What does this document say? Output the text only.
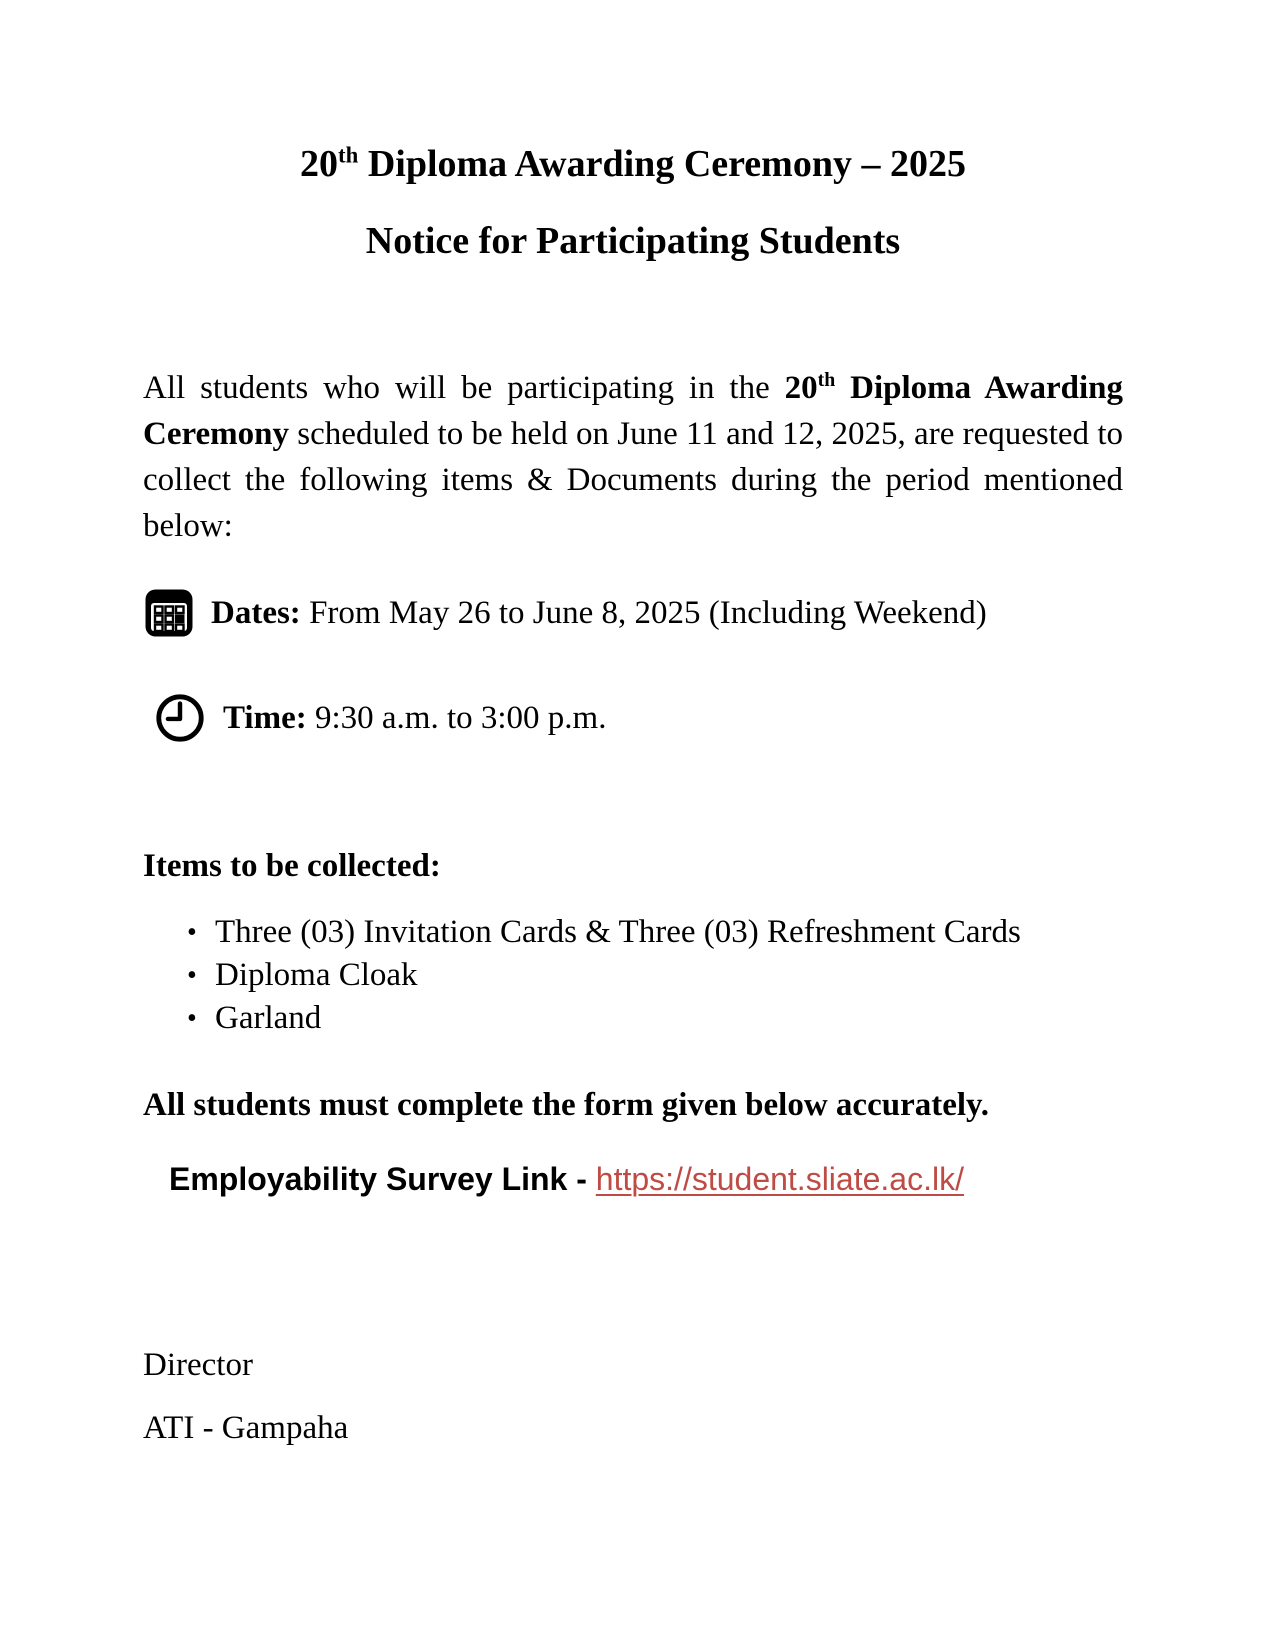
20th Diploma Awarding Ceremony – 2025
Notice for Participating Students

All students who will be participating in the 20th Diploma Awarding Ceremony scheduled to be held on June 11 and 12, 2025, are requested to collect the following items & Documents during the period mentioned below:

Dates: From May 26 to June 8, 2025 (Including Weekend)
Time: 9:30 a.m. to 3:00 p.m.
Items to be collected:
• Three (03) Invitation Cards & Three (03) Refreshment Cards
• Diploma Cloak
• Garland
All students must complete the form given below accurately.
Employability Survey Link - https://student.sliate.ac.lk/
Director
ATI - Gampaha
